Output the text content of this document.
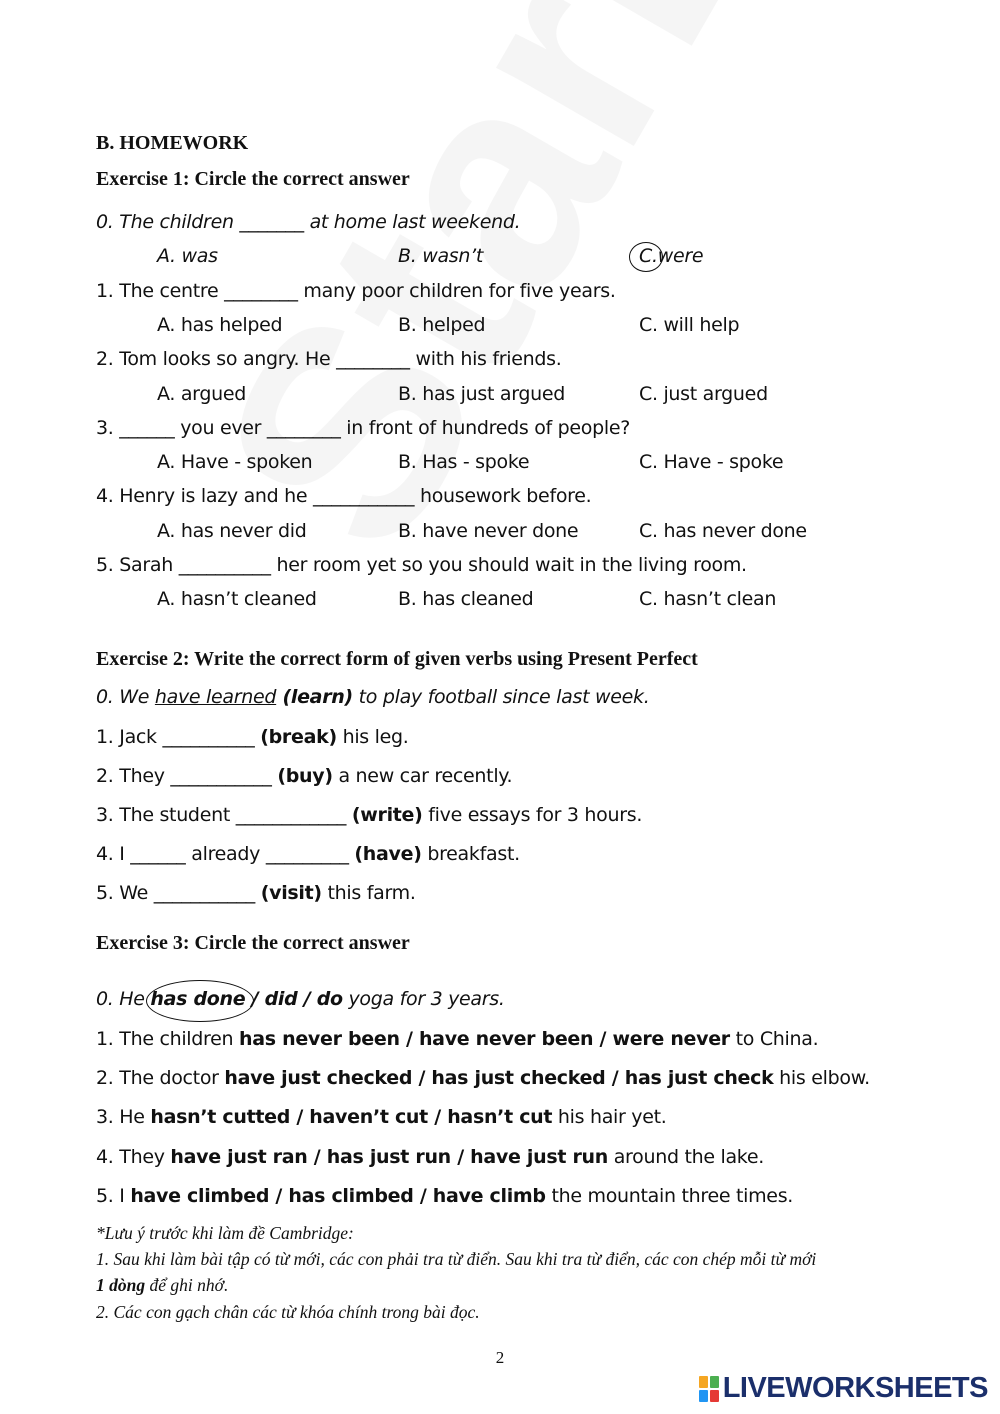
B. HOMEWORK
Exercise 1: Circle the correct answer
0. The children _______ at home last weekend.
A. was	B. wasn’t	C.were
1. The centre ________ many poor children for five years.
A. has helped	B. helped	C. will help
2. Tom looks so angry. He ________ with his friends.
A. argued	B. has just argued	C. just argued
3. ______ you ever ________ in front of hundreds of people?
A. Have - spoken	B. Has - spoke	C. Have - spoke
4. Henry is lazy and he ___________ housework before.
A. has never did	B. have never done	C. has never done
5. Sarah __________ her room yet so you should wait in the living room.
A. hasn’t cleaned	B. has cleaned	C. hasn’t clean
Exercise 2: Write the correct form of given verbs using Present Perfect
0. We have learned (learn) to play football since last week.
1. Jack __________ (break) his leg.
2. They ___________ (buy) a new car recently.
3. The student ____________ (write) five essays for 3 hours.
4. I ______ already _________ (have) breakfast.
5. We ___________ (visit) this farm.
Exercise 3: Circle the correct answer
0. He has done / did / do yoga for 3 years.
1. The children has never been / have never been / were never to China.
2. The doctor have just checked / has just checked / has just check his elbow.
3. He hasn’t cutted / haven’t cut / hasn’t cut his hair yet.
4. They have just ran / has just run / have just run around the lake.
5. I have climbed / has climbed / have climb the mountain three times.
*Lưu ý trước khi làm đề Cambridge:
1. Sau khi làm bài tập có từ mới, các con phải tra từ điển. Sau khi tra từ điển, các con chép mỗi từ mới
1 dòng để ghi nhớ.
2. Các con gạch chân các từ khóa chính trong bài đọc.
2
LIVEWORKSHEETS
